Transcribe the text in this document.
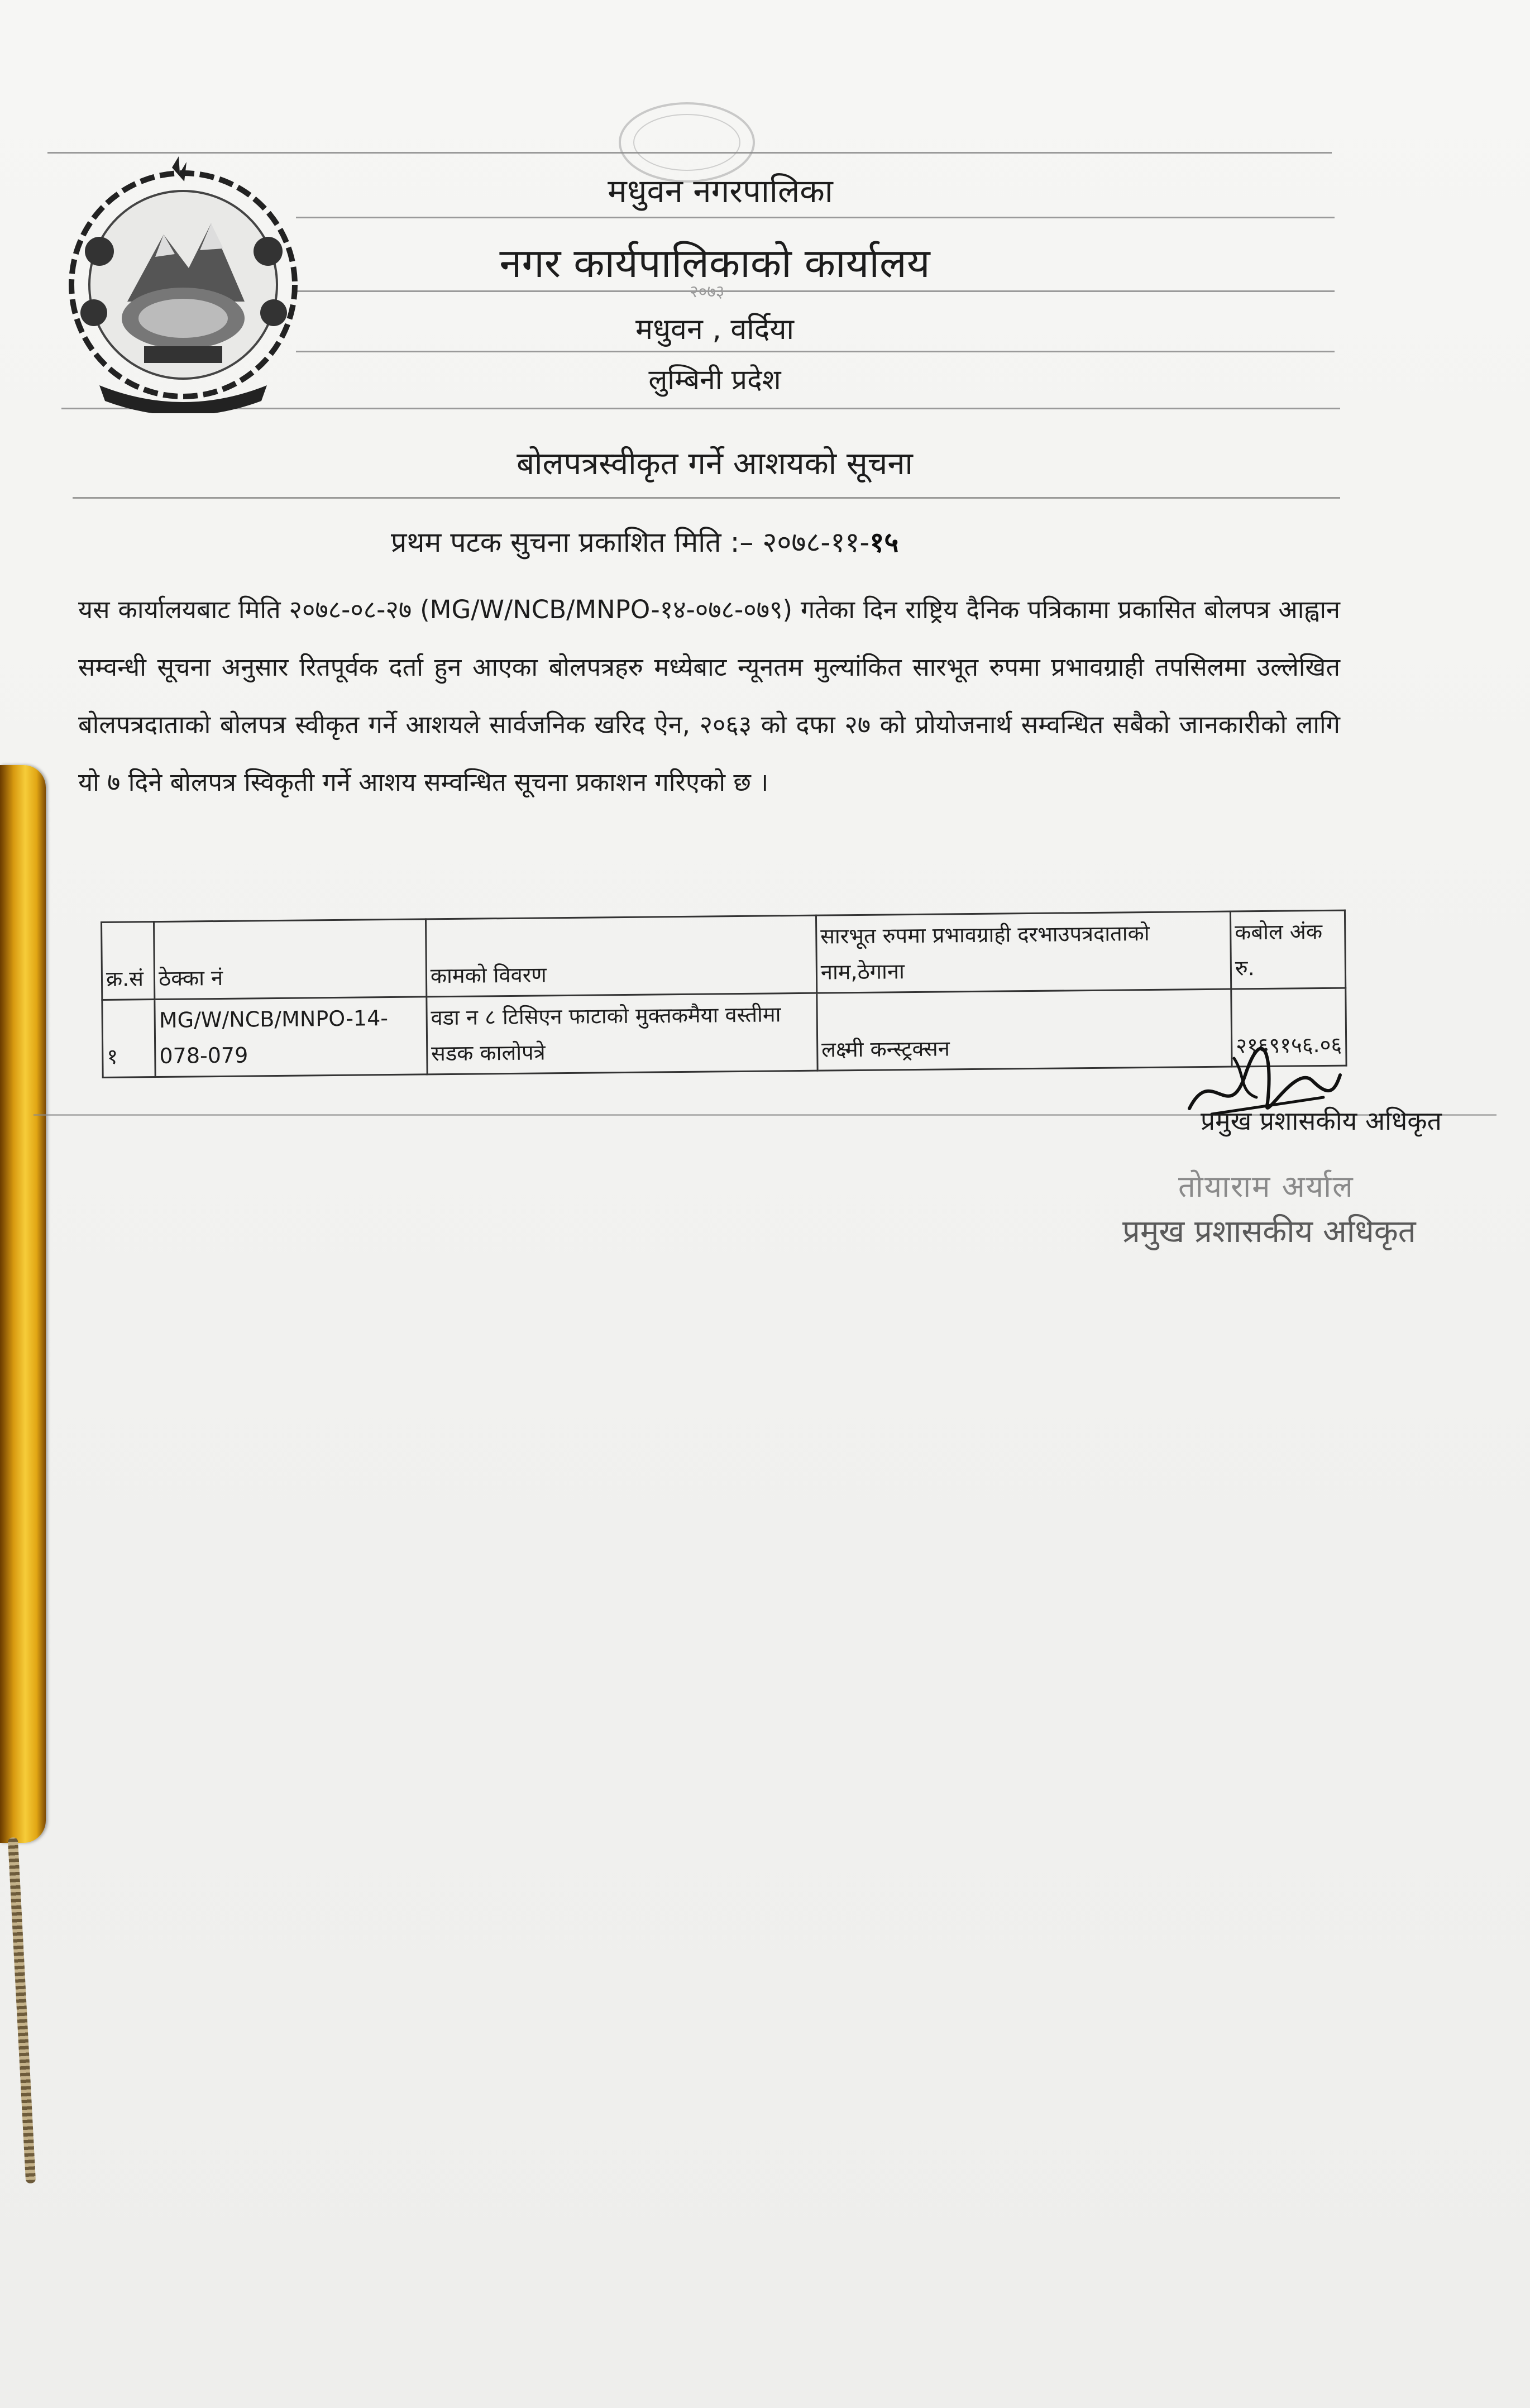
मधुवन नगरपालिका
नगर कार्यपालिकाको कार्यालय
२०७३
मधुवन , वर्दिया
लुम्बिनी प्रदेश
बोलपत्रस्वीकृत गर्ने आशयको सूचना
प्रथम पटक सुचना प्रकाशित मिति :– २०७८-११-१५
यस कार्यालयबाट मिति २०७८-०८-२७ (MG/W/NCB/MNPO-१४-०७८-०७९) गतेका दिन राष्ट्रिय दैनिक पत्रिकामा प्रकासित बोलपत्र आह्वान सम्वन्धी सूचना अनुसार रितपूर्वक दर्ता हुन आएका बोलपत्रहरु मध्येबाट न्यूनतम मुल्यांकित सारभूत रुपमा प्रभावग्राही तपसिलमा उल्लेखित बोलपत्रदाताको बोलपत्र स्वीकृत गर्ने आशयले सार्वजनिक खरिद ऐन, २०६३ को दफा २७ को प्रोयोजनार्थ सम्वन्धित सबैको जानकारीको लागि यो ७ दिने बोलपत्र स्विकृती गर्ने आशय सम्वन्धित सूचना प्रकाशन गरिएको छ ।
क्र.सं	ठेक्का नं	कामको विवरण	सारभूत रुपमा प्रभावग्राही दरभाउपत्रदाताको नाम,ठेगाना	कबोल अंक रु.
१	MG/W/NCB/MNPO-14-078-079	वडा न ८ टिसिएन फाटाको मुक्तकमैया वस्तीमा सडक कालोपत्रे	लक्ष्मी कन्स्ट्रक्सन	२१६९१५६.०६
प्रमुख प्रशासकीय अधिकृत
तोयाराम अर्याल
प्रमुख प्रशासकीय अधिकृत
